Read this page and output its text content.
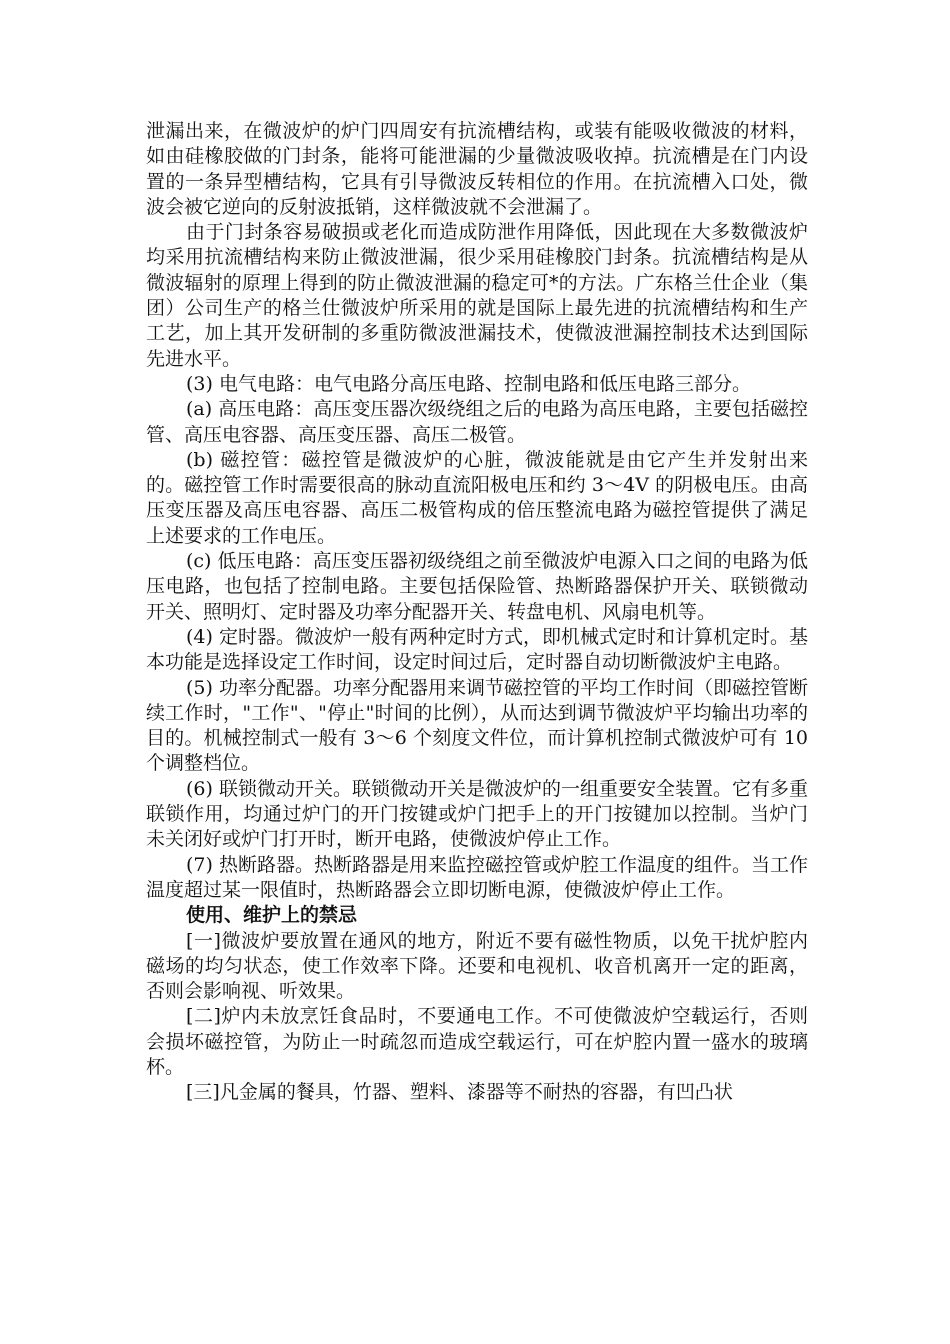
泄漏出来，在微波炉的炉门四周安有抗流槽结构，或装有能吸收微波的材料，如由硅橡胶做的门封条，能将可能泄漏的少量微波吸收掉。抗流槽是在门内设置的一条异型槽结构，它具有引导微波反转相位的作用。在抗流槽入口处，微波会被它逆向的反射波抵销，这样微波就不会泄漏了。

由于门封条容易破损或老化而造成防泄作用降低，因此现在大多数微波炉均采用抗流槽结构来防止微波泄漏，很少采用硅橡胶门封条。抗流槽结构是从微波辐射的原理上得到的防止微波泄漏的稳定可*的方法。广东格兰仕企业（集团）公司生产的格兰仕微波炉所采用的就是国际上最先进的抗流槽结构和生产工艺，加上其开发研制的多重防微波泄漏技术，使微波泄漏控制技术达到国际先进水平。

(3) 电气电路：电气电路分高压电路、控制电路和低压电路三部分。

(a) 高压电路：高压变压器次级绕组之后的电路为高压电路，主要包括磁控管、高压电容器、高压变压器、高压二极管。

(b) 磁控管：磁控管是微波炉的心脏，微波能就是由它产生并发射出来的。磁控管工作时需要很高的脉动直流阳极电压和约 3～4V 的阴极电压。由高压变压器及高压电容器、高压二极管构成的倍压整流电路为磁控管提供了满足上述要求的工作电压。

(c) 低压电路：高压变压器初级绕组之前至微波炉电源入口之间的电路为低压电路，也包括了控制电路。主要包括保险管、热断路器保护开关、联锁微动开关、照明灯、定时器及功率分配器开关、转盘电机、风扇电机等。

(4) 定时器。微波炉一般有两种定时方式，即机械式定时和计算机定时。基本功能是选择设定工作时间，设定时间过后，定时器自动切断微波炉主电路。

(5) 功率分配器。功率分配器用来调节磁控管的平均工作时间（即磁控管断续工作时，"工作"、"停止"时间的比例），从而达到调节微波炉平均输出功率的目的。机械控制式一般有 3～6 个刻度文件位，而计算机控制式微波炉可有 10 个调整档位。

(6) 联锁微动开关。联锁微动开关是微波炉的一组重要安全装置。它有多重联锁作用，均通过炉门的开门按键或炉门把手上的开门按键加以控制。当炉门未关闭好或炉门打开时，断开电路，使微波炉停止工作。

(7) 热断路器。热断路器是用来监控磁控管或炉腔工作温度的组件。当工作温度超过某一限值时，热断路器会立即切断电源，使微波炉停止工作。

使用、维护上的禁忌

[一]微波炉要放置在通风的地方，附近不要有磁性物质，以免干扰炉腔内磁场的均匀状态，使工作效率下降。还要和电视机、收音机离开一定的距离，否则会影响视、听效果。

[二]炉内未放烹饪食品时，不要通电工作。不可使微波炉空载运行，否则会损坏磁控管，为防止一时疏忽而造成空载运行，可在炉腔内置一盛水的玻璃杯。

[三]凡金属的餐具，竹器、塑料、漆器等不耐热的容器，有凹凸状
